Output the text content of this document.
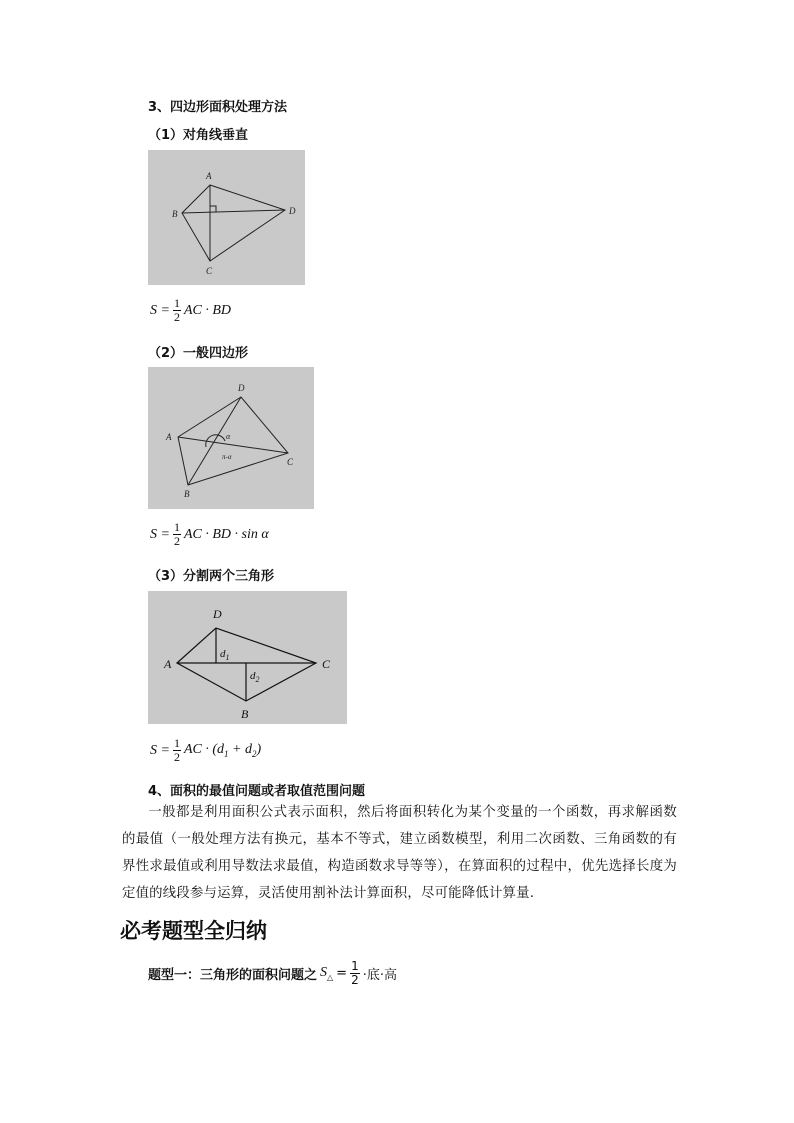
3、四边形面积处理方法
（1）对角线垂直
A
B
C
D
$S = \frac{1}{2}$ AC · BD
（2）一般四边形
A
B
C
D
α
π-α
$S = \frac{1}{2}$ AC · BD · sin α
（3）分割两个三角形
A
B
C
D
$d_1$
$d_2$
$S = \frac{1}{2}$ AC · $(d_1 + d_2)$
4、面积的最值问题或者取值范围问题
一般都是利用面积公式表示面积，然后将面积转化为某个变量的一个函数，再求解函数的最值（一般处理方法有换元，基本不等式，建立函数模型，利用二次函数、三角函数的有界性求最值或利用导数法求最值，构造函数求导等等），在算面积的过程中，优先选择长度为定值的线段参与运算，灵活使用割补法计算面积，尽可能降低计算量.
必考题型全归纳
题型一：三角形的面积问题之 $S_\triangle = \frac{1}{2}$ ·底·高
